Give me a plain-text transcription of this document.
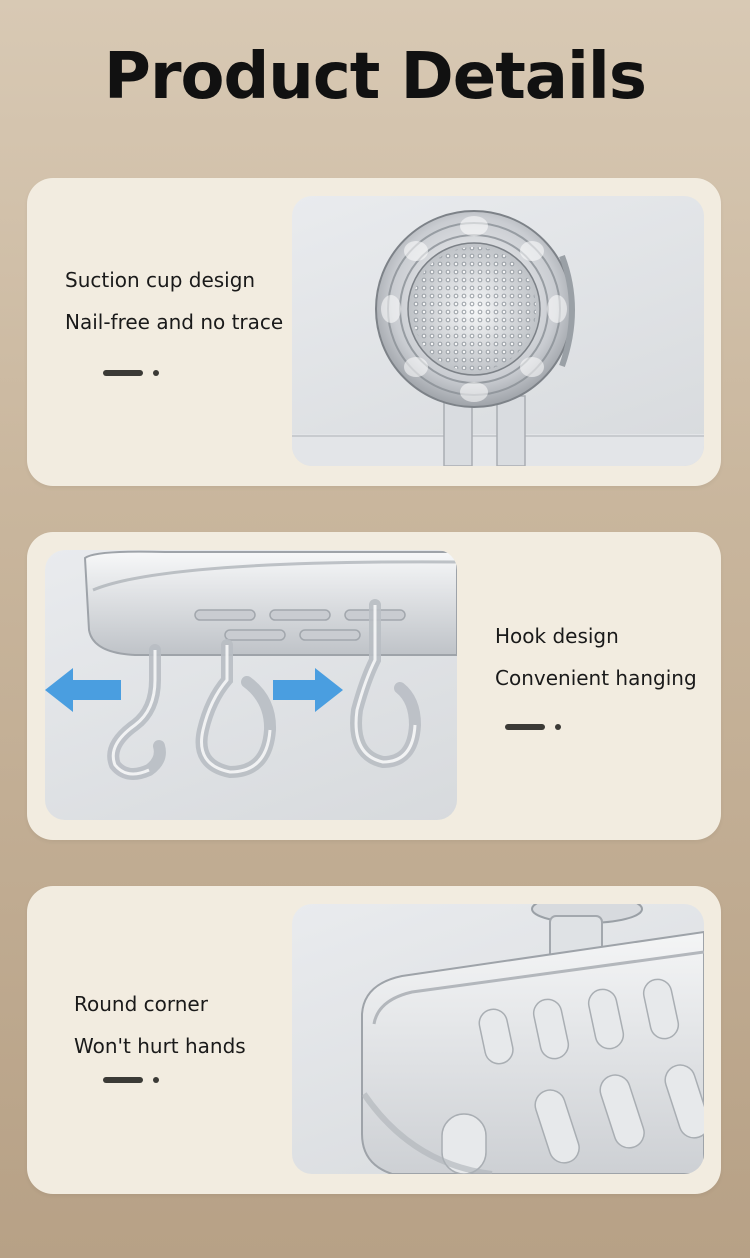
Product Details
Suction cup design
Nail-free and no trace
Hook design
Convenient hanging
Round corner
Won't hurt hands
